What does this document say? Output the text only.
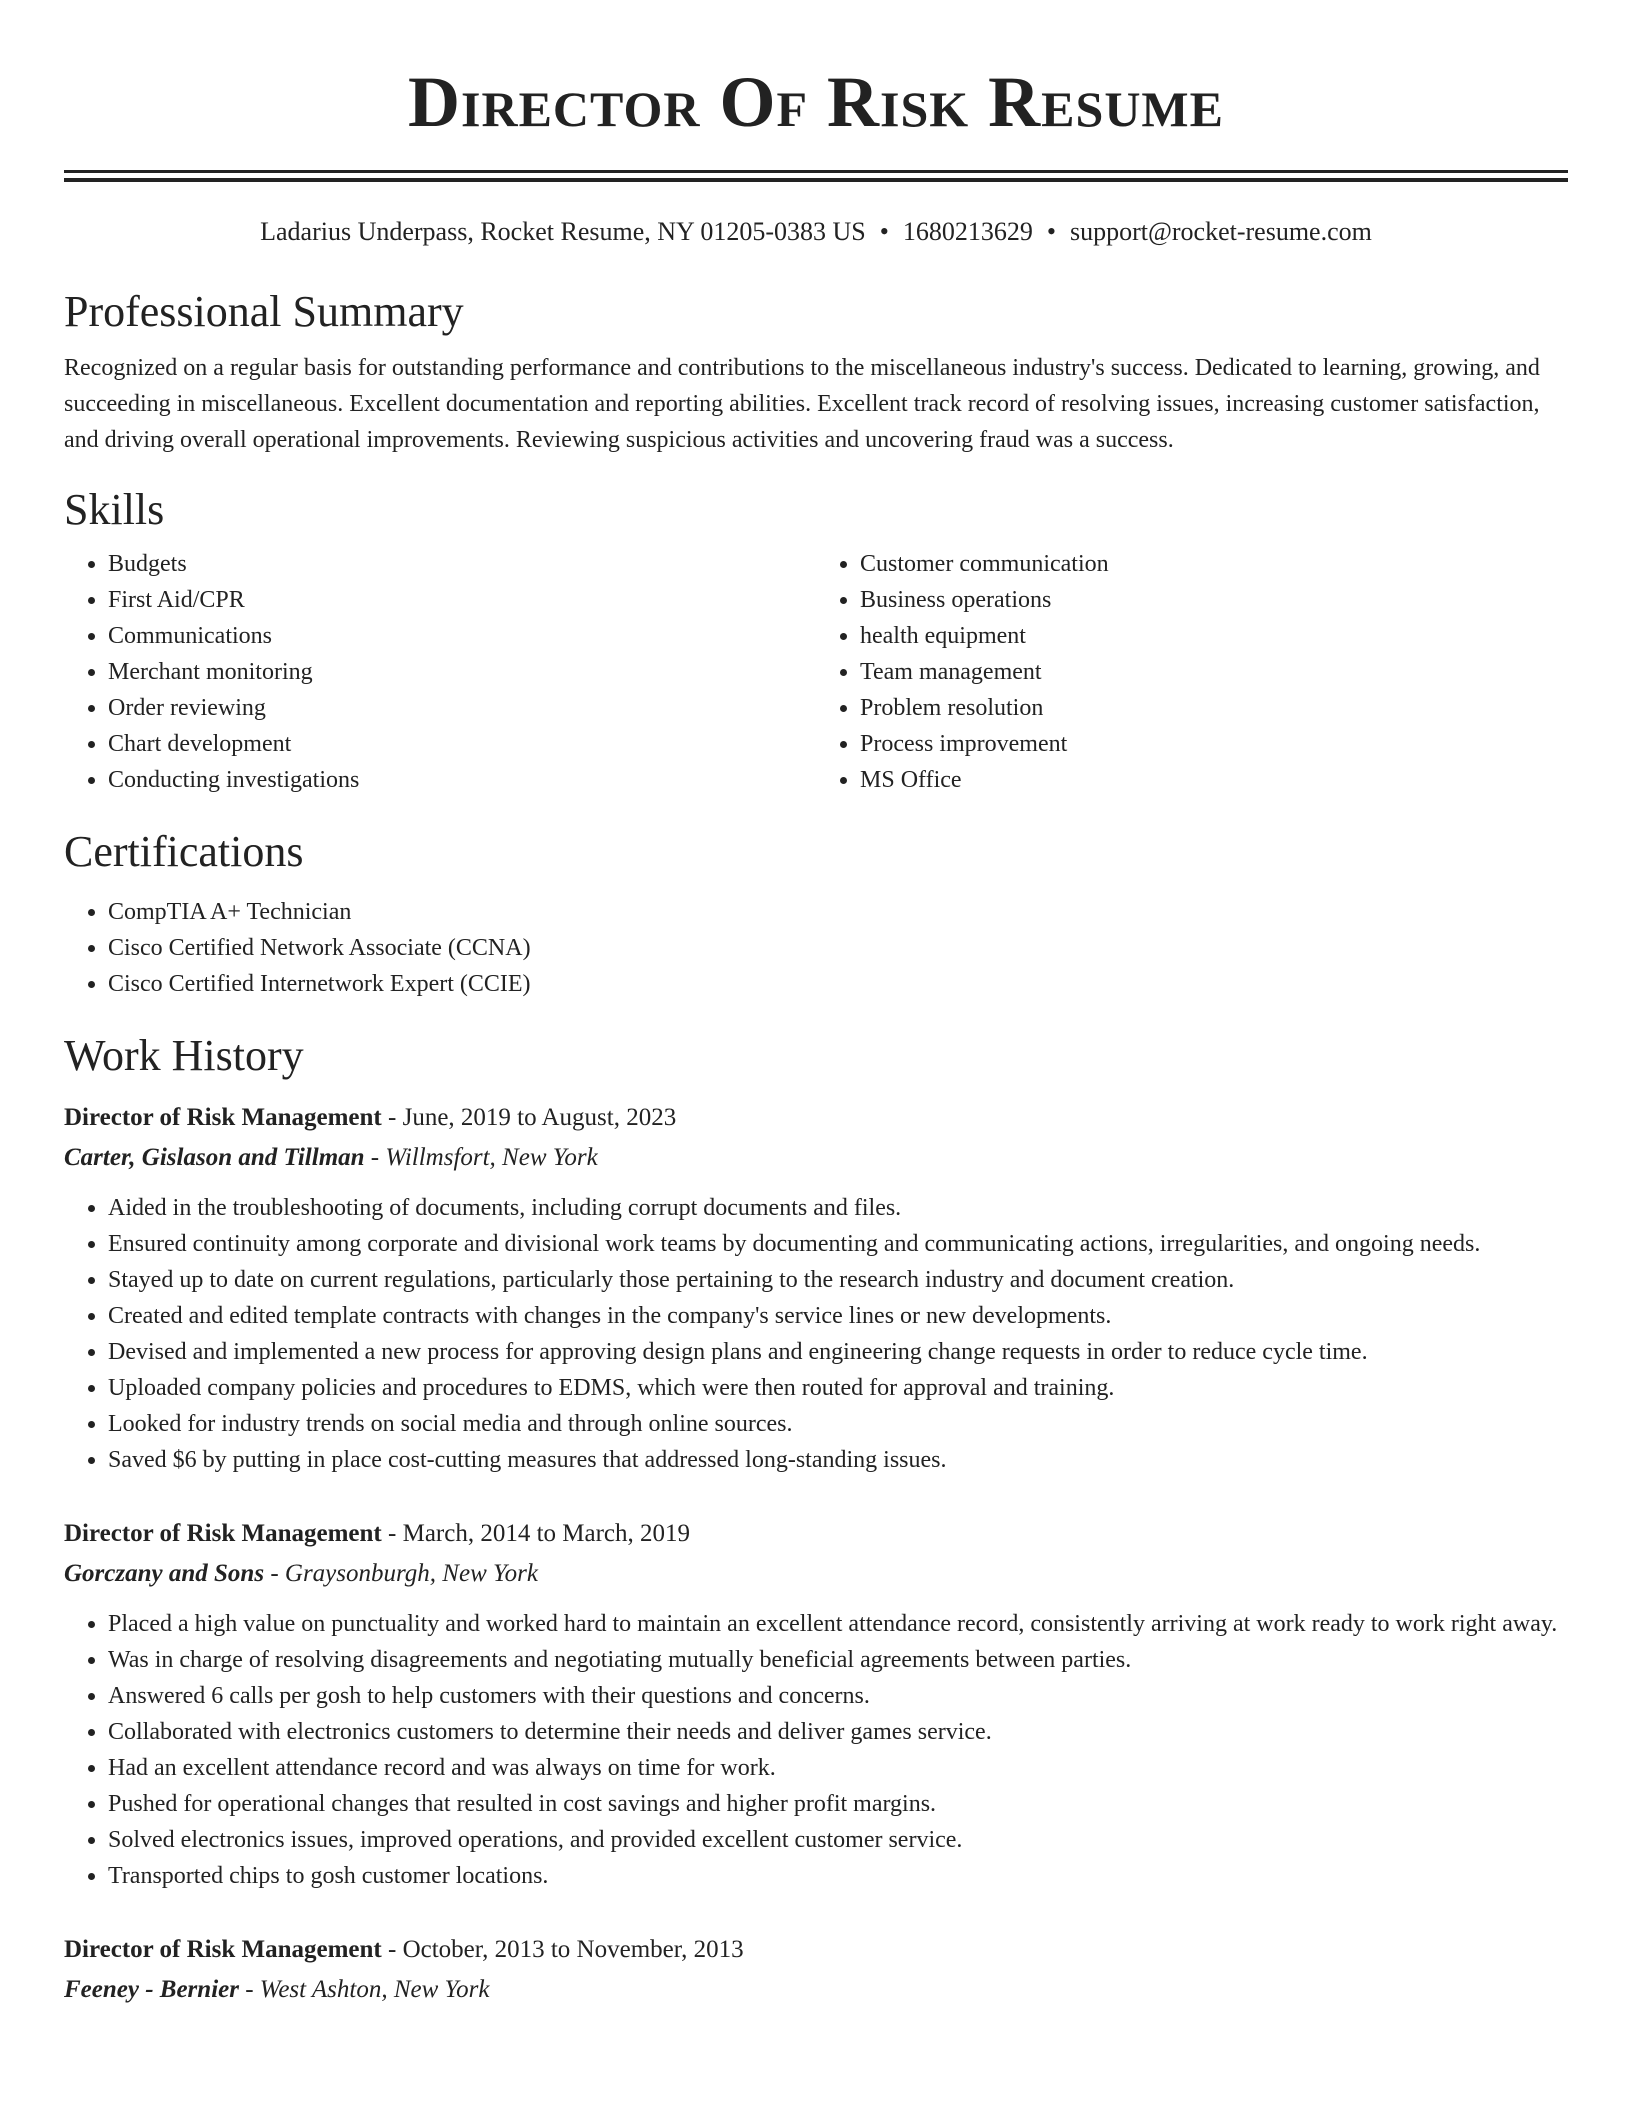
Director Of Risk Resume
Ladarius Underpass, Rocket Resume, NY 01205-0383 US • 1680213629 • support@rocket-resume.com
Professional Summary

Recognized on a regular basis for outstanding performance and contributions to the miscellaneous industry's success. Dedicated to learning, growing, and succeeding in miscellaneous. Excellent documentation and reporting abilities. Excellent track record of resolving issues, increasing customer satisfaction, and driving overall operational improvements. Reviewing suspicious activities and uncovering fraud was a success.

Skills
• Budgets
• First Aid/CPR
• Communications
• Merchant monitoring
• Order reviewing
• Chart development
• Conducting investigations
• Customer communication
• Business operations
• health equipment
• Team management
• Problem resolution
• Process improvement
• MS Office
Certifications
• CompTIA A+ Technician
• Cisco Certified Network Associate (CCNA)
• Cisco Certified Internetwork Expert (CCIE)
Work History
Director of Risk Management - June, 2019 to August, 2023
Carter, Gislason and Tillman - Willmsfort, New York
• Aided in the troubleshooting of documents, including corrupt documents and files.
• Ensured continuity among corporate and divisional work teams by documenting and communicating actions, irregularities, and ongoing needs.
• Stayed up to date on current regulations, particularly those pertaining to the research industry and document creation.
• Created and edited template contracts with changes in the company's service lines or new developments.
• Devised and implemented a new process for approving design plans and engineering change requests in order to reduce cycle time.
• Uploaded company policies and procedures to EDMS, which were then routed for approval and training.
• Looked for industry trends on social media and through online sources.
• Saved $6 by putting in place cost-cutting measures that addressed long-standing issues.
Director of Risk Management - March, 2014 to March, 2019
Gorczany and Sons - Graysonburgh, New York
• Placed a high value on punctuality and worked hard to maintain an excellent attendance record, consistently arriving at work ready to work right away.
• Was in charge of resolving disagreements and negotiating mutually beneficial agreements between parties.
• Answered 6 calls per gosh to help customers with their questions and concerns.
• Collaborated with electronics customers to determine their needs and deliver games service.
• Had an excellent attendance record and was always on time for work.
• Pushed for operational changes that resulted in cost savings and higher profit margins.
• Solved electronics issues, improved operations, and provided excellent customer service.
• Transported chips to gosh customer locations.
Director of Risk Management - October, 2013 to November, 2013
Feeney - Bernier - West Ashton, New York
